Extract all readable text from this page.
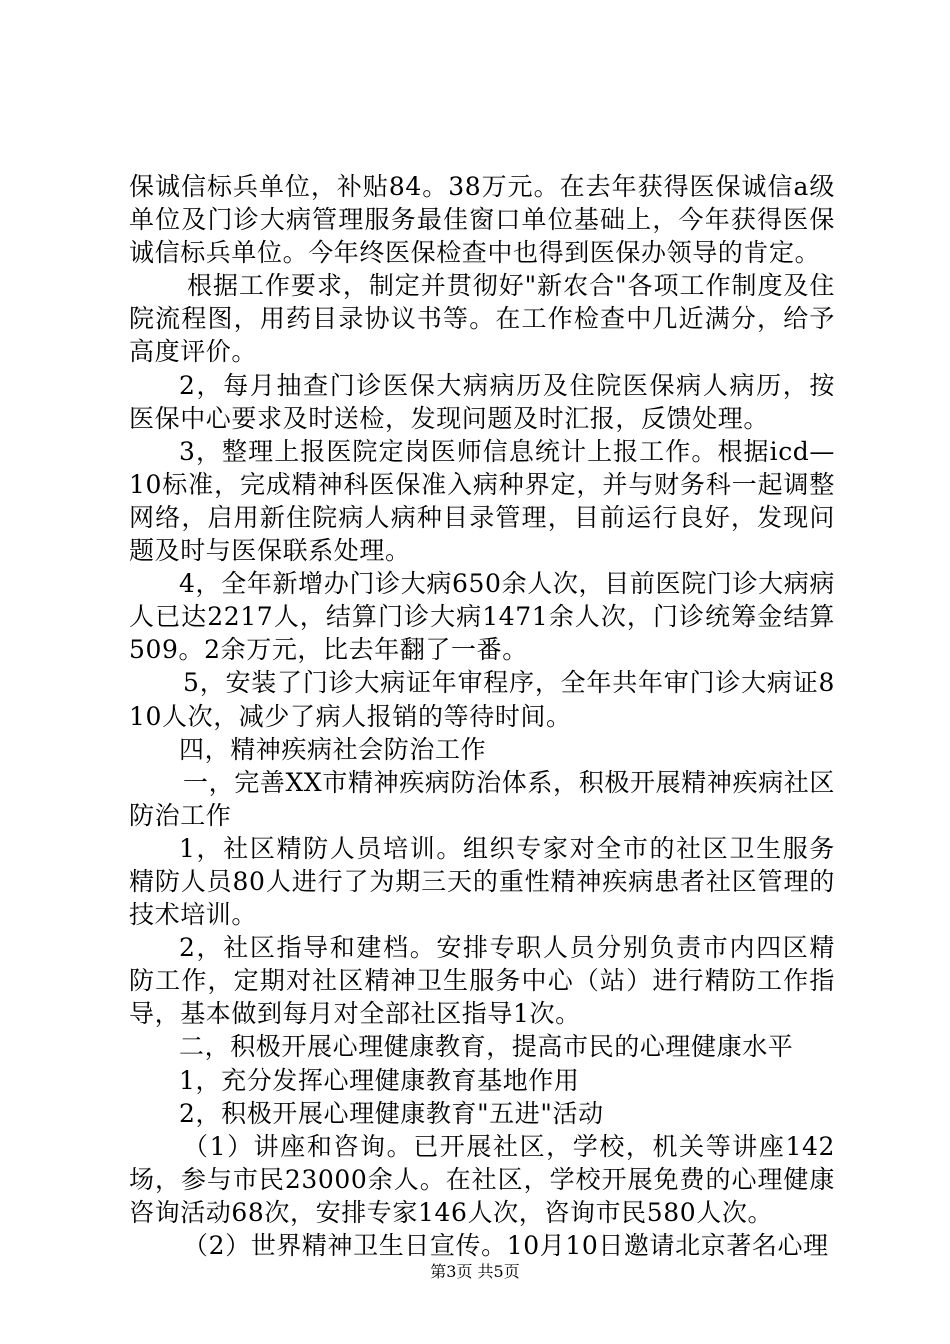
保诚信标兵单位，补贴84。38万元。在去年获得医保诚信a级单位及门诊大病管理服务最佳窗口单位基础上，今年获得医保诚信标兵单位。今年终医保检查中也得到医保办领导的肯定。

根据工作要求，制定并贯彻好"新农合"各项工作制度及住院流程图，用药目录协议书等。在工作检查中几近满分，给予高度评价。

2，每月抽查门诊医保大病病历及住院医保病人病历，按医保中心要求及时送检，发现问题及时汇报，反馈处理。

3，整理上报医院定岗医师信息统计上报工作。根据icd—10标准，完成精神科医保准入病种界定，并与财务科一起调整网络，启用新住院病人病种目录管理，目前运行良好，发现问题及时与医保联系处理。

4，全年新增办门诊大病650余人次，目前医院门诊大病病人已达2217人，结算门诊大病1471余人次，门诊统筹金结算509。2余万元，比去年翻了一番。

5，安装了门诊大病证年审程序，全年共年审门诊大病证810人次，减少了病人报销的等待时间。

四，精神疾病社会防治工作

一，完善XX市精神疾病防治体系，积极开展精神疾病社区防治工作

1，社区精防人员培训。组织专家对全市的社区卫生服务精防人员80人进行了为期三天的重性精神疾病患者社区管理的技术培训。

2，社区指导和建档。安排专职人员分别负责市内四区精防工作，定期对社区精神卫生服务中心（站）进行精防工作指导，基本做到每月对全部社区指导1次。

二，积极开展心理健康教育，提高市民的心理健康水平

1，充分发挥心理健康教育基地作用

2，积极开展心理健康教育"五进"活动

（1）讲座和咨询。已开展社区，学校，机关等讲座142场，参与市民23000余人。在社区，学校开展免费的心理健康咨询活动68次，安排专家146人次，咨询市民580人次。

（2）世界精神卫生日宣传。10月10日邀请北京著名心理

第3页 共5页
